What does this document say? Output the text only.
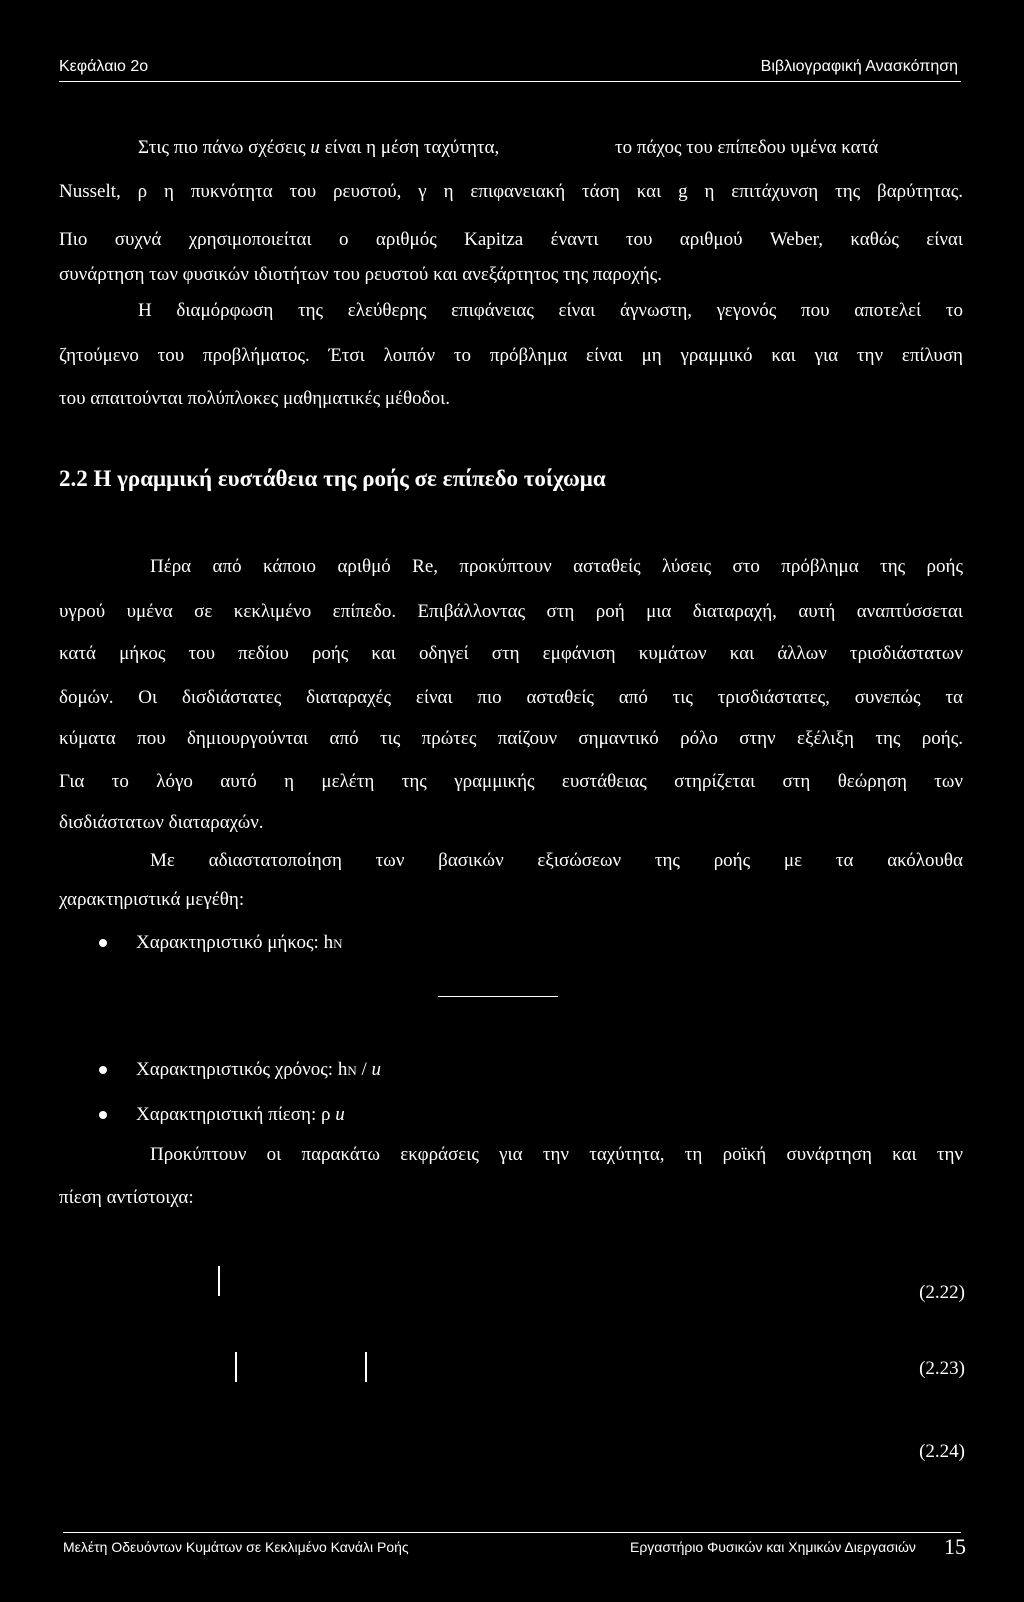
Κεφάλαιο 2ο	Βιβλιογραφική Ανασκόπηση
Στις πιο πάνω σχέσεις u είναι η μέση ταχύτητα,	το πάχος του επίπεδου υμένα κατά
Nusselt, ρ η πυκνότητα του ρευστού, γ η επιφανειακή τάση και g η επιτάχυνση της βαρύτητας.
Πιο συχνά χρησιμοποιείται ο αριθμός Kapitza έναντι του αριθμού Weber, καθώς είναι
συνάρτηση των φυσικών ιδιοτήτων του ρευστού και ανεξάρτητος της παροχής.
Η διαμόρφωση της ελεύθερης επιφάνειας είναι άγνωστη, γεγονός που αποτελεί το
ζητούμενο του προβλήματος. Έτσι λοιπόν το πρόβλημα είναι μη γραμμικό και για την επίλυση
του απαιτούνται πολύπλοκες μαθηματικές μέθοδοι.
2.2 Η γραμμική ευστάθεια της ροής σε επίπεδο τοίχωμα
Πέρα από κάποιο αριθμό Re, προκύπτουν ασταθείς λύσεις στο πρόβλημα της ροής
υγρού υμένα σε κεκλιμένο επίπεδο. Επιβάλλοντας στη ροή μια διαταραχή, αυτή αναπτύσσεται
κατά μήκος του πεδίου ροής και οδηγεί στη εμφάνιση κυμάτων και άλλων τρισδιάστατων
δομών. Οι δισδιάστατες διαταραχές είναι πιο ασταθείς από τις τρισδιάστατες, συνεπώς τα
κύματα που δημιουργούνται από τις πρώτες παίζουν σημαντικό ρόλο στην εξέλιξη της ροής.
Για το λόγο αυτό η μελέτη της γραμμικής ευστάθειας στηρίζεται στη θεώρηση των
δισδιάστατων διαταραχών.
Με αδιαστατοποίηση των βασικών εξισώσεων της ροής με τα ακόλουθα
χαρακτηριστικά μεγέθη:
Χαρακτηριστικό μήκος: hN
Χαρακτηριστικός χρόνος: hN / u
Χαρακτηριστική πίεση: ρ u
Προκύπτουν οι παρακάτω εκφράσεις για την ταχύτητα, τη ροϊκή συνάρτηση και την
πίεση αντίστοιχα:
(2.22)
(2.23)
(2.24)
Μελέτη Οδευόντων Κυμάτων σε Κεκλιμένο Κανάλι Ροής	Εργαστήριο Φυσικών και Χημικών Διεργασιών 15
